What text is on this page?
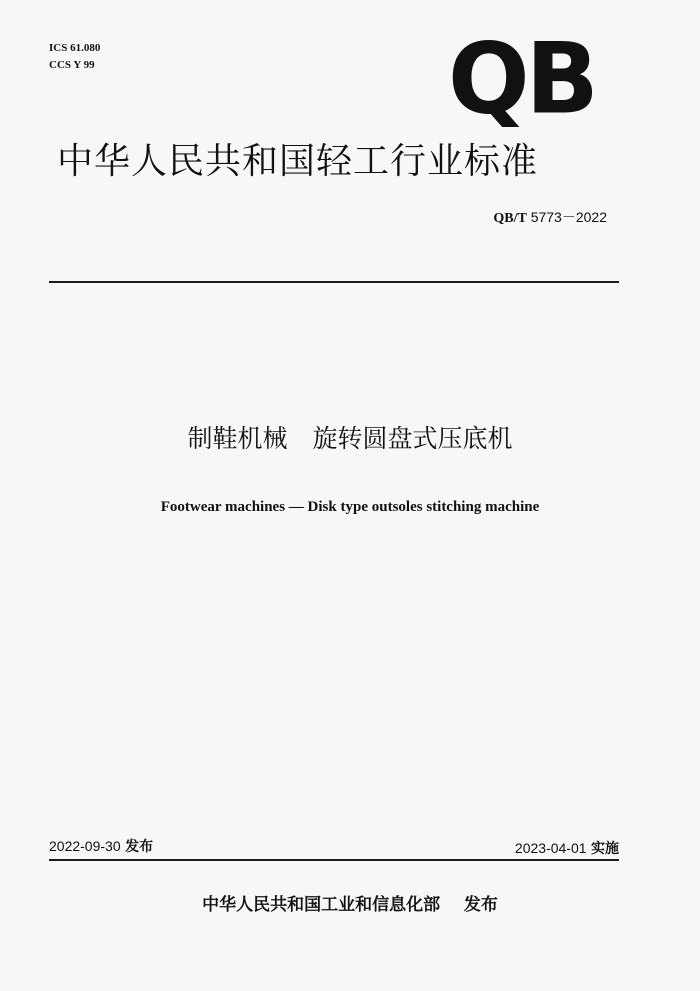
ICS 61.080
CCS Y 99	QB
中华人民共和国轻工行业标准
QB/T 5773－2022
制鞋机械　旋转圆盘式压底机
Footwear machines — Disk type outsoles stitching machine
2022-09-30 发布	2023-04-01 实施
中华人民共和国工业和信息化部 发布
